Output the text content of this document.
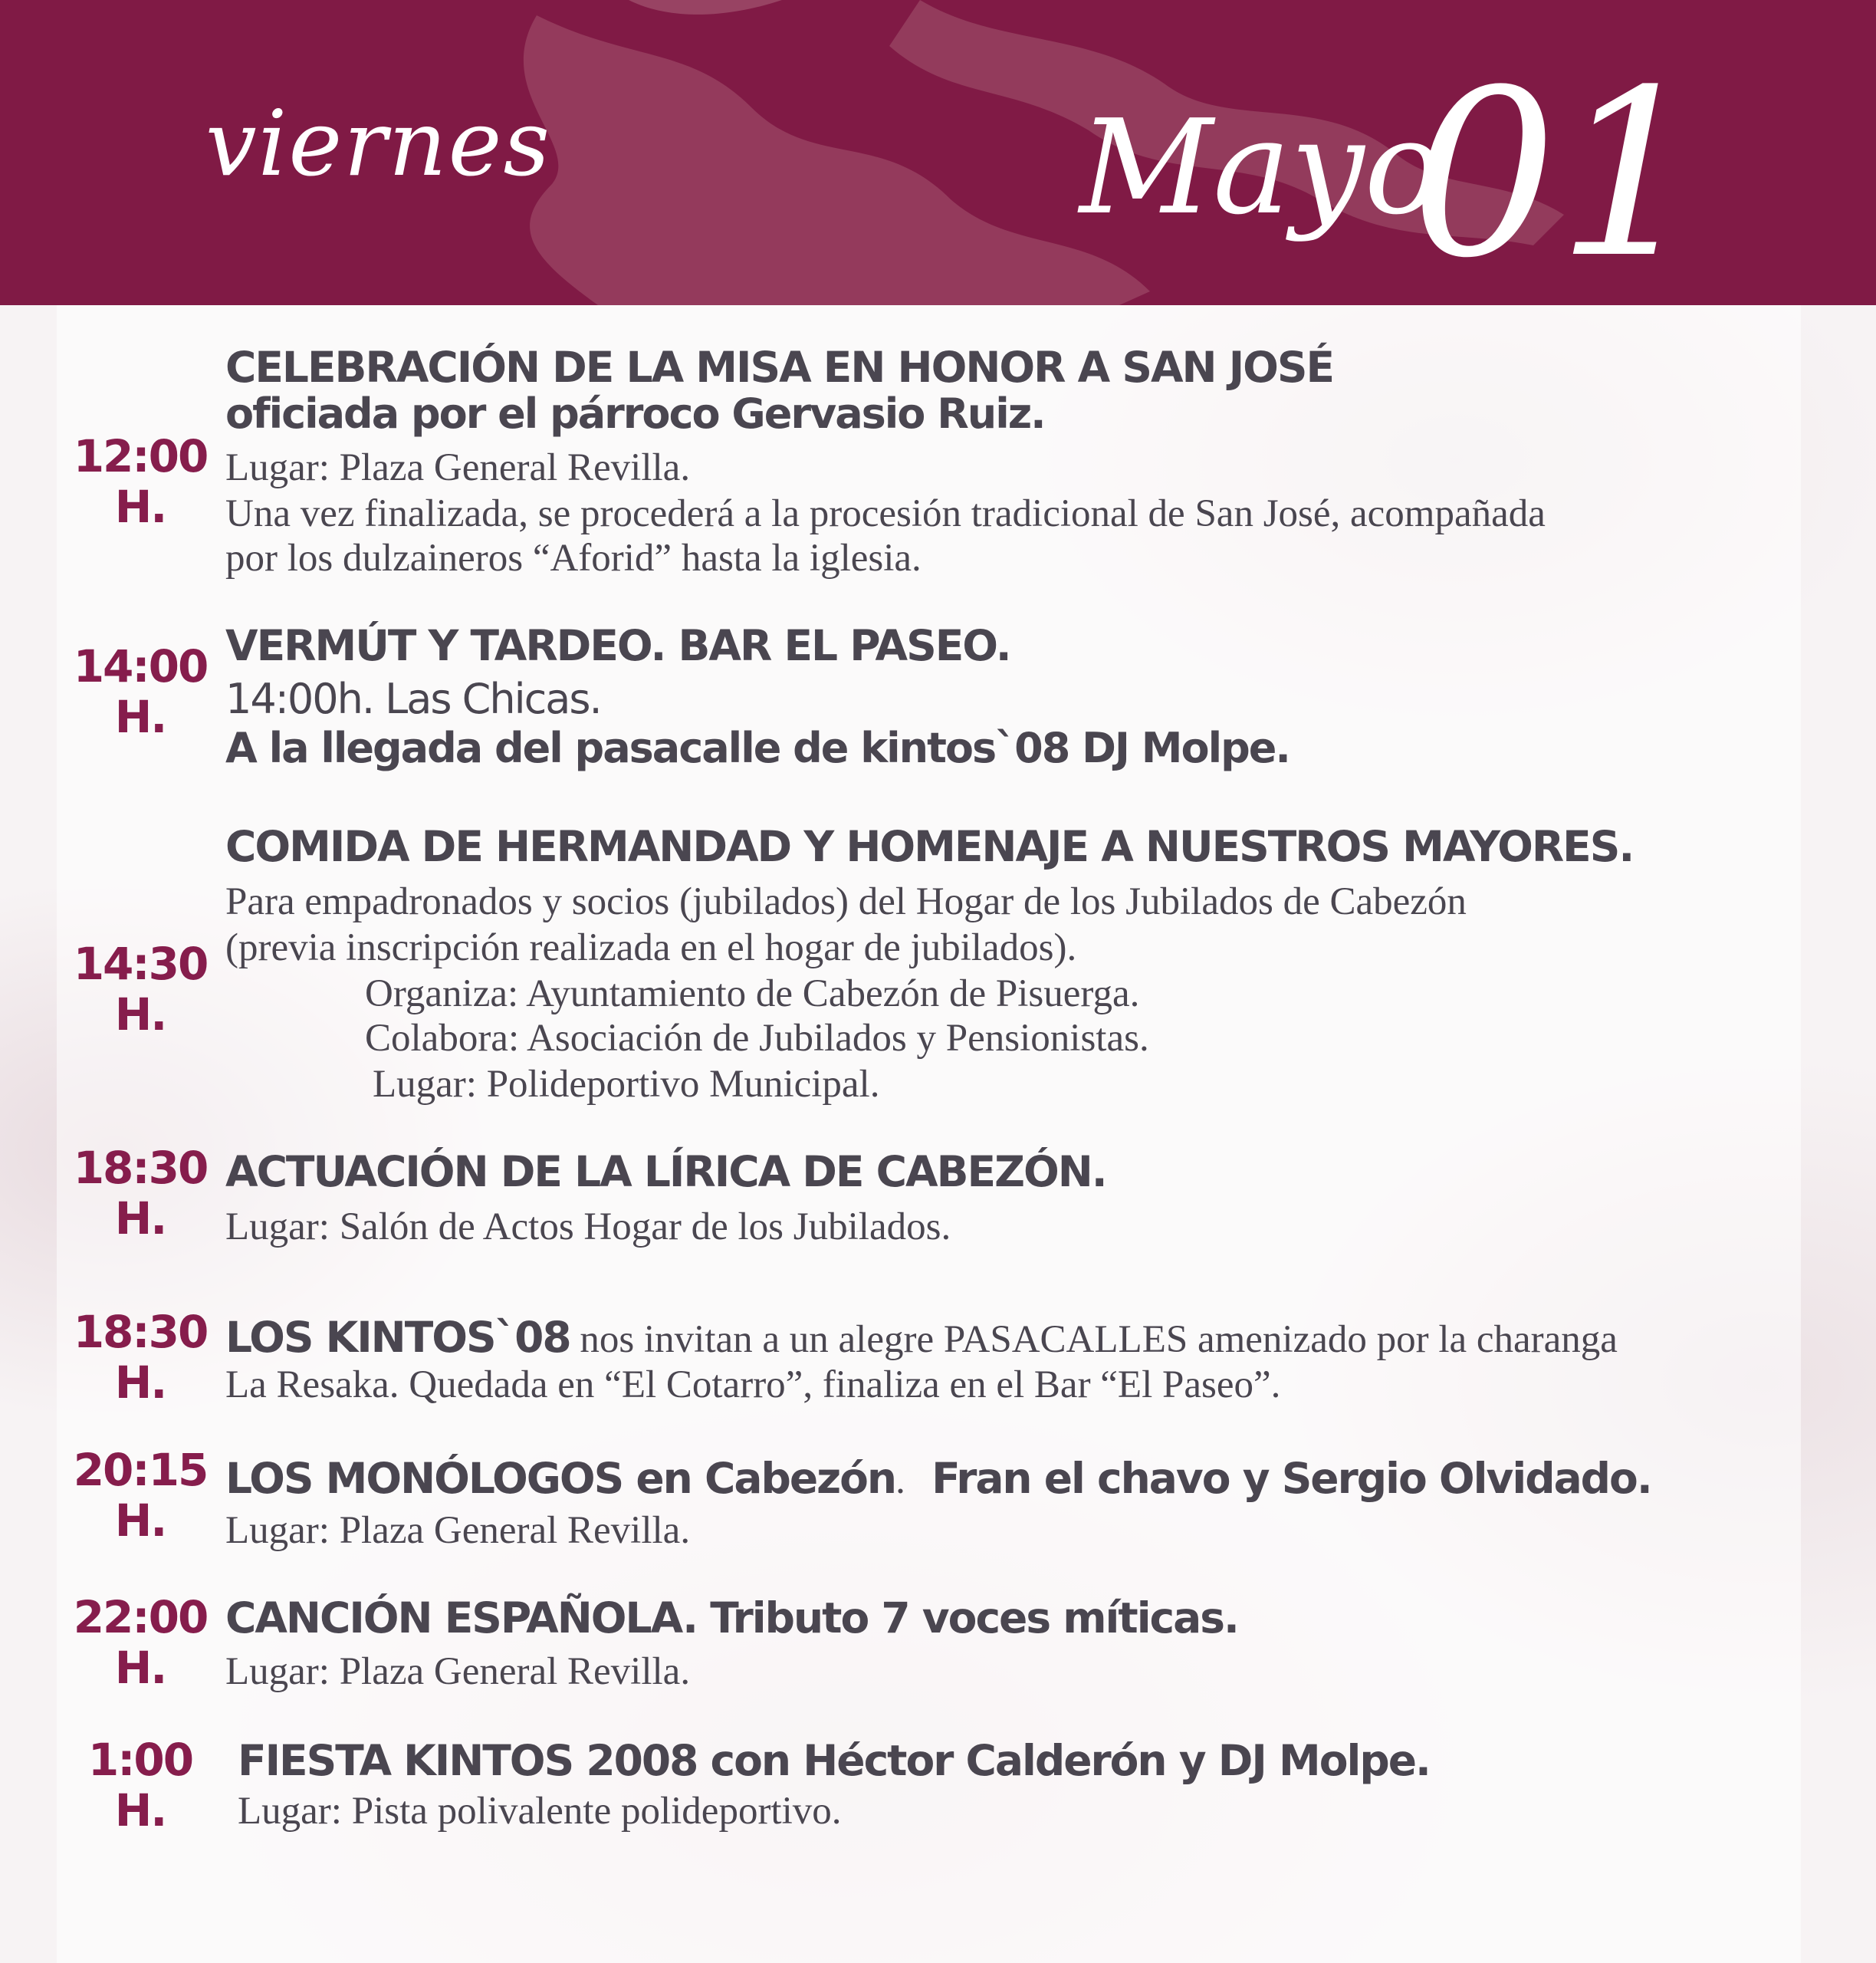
viernes	Mayo
01
12:00
H.
CELEBRACIÓN DE LA MISA EN HONOR A SAN JOSÉ
oficiada por el párroco Gervasio Ruiz.
Lugar: Plaza General Revilla.
Una vez finalizada, se procederá a la procesión tradicional de San José, acompañada
por los dulzaineros “Aforid” hasta la iglesia.
14:00
H.
VERMÚT Y TARDEO. BAR EL PASEO.
14:00h. Las Chicas.
A la llegada del pasacalle de kintos`08 DJ Molpe.
14:30
H.
COMIDA DE HERMANDAD Y HOMENAJE A NUESTROS MAYORES.
Para empadronados y socios (jubilados) del Hogar de los Jubilados de Cabezón
(previa inscripción realizada en el hogar de jubilados).
Organiza: Ayuntamiento de Cabezón de Pisuerga.
Colabora: Asociación de Jubilados y Pensionistas.
Lugar: Polideportivo Municipal.
18:30
H.
ACTUACIÓN DE LA LÍRICA DE CABEZÓN.
Lugar: Salón de Actos Hogar de los Jubilados.
18:30
H.
LOS KINTOS`08 nos invitan a un alegre PASACALLES amenizado por la charanga
La Resaka. Quedada en “El Cotarro”, finaliza en el Bar “El Paseo”.
20:15
H.
LOS MONÓLOGOS en Cabezón. Fran el chavo y Sergio Olvidado.
Lugar: Plaza General Revilla.
22:00
H.
CANCIÓN ESPAÑOLA. Tributo 7 voces míticas.
Lugar: Plaza General Revilla.
1:00
H.
FIESTA KINTOS 2008 con Héctor Calderón y DJ Molpe.
Lugar: Pista polivalente polideportivo.
